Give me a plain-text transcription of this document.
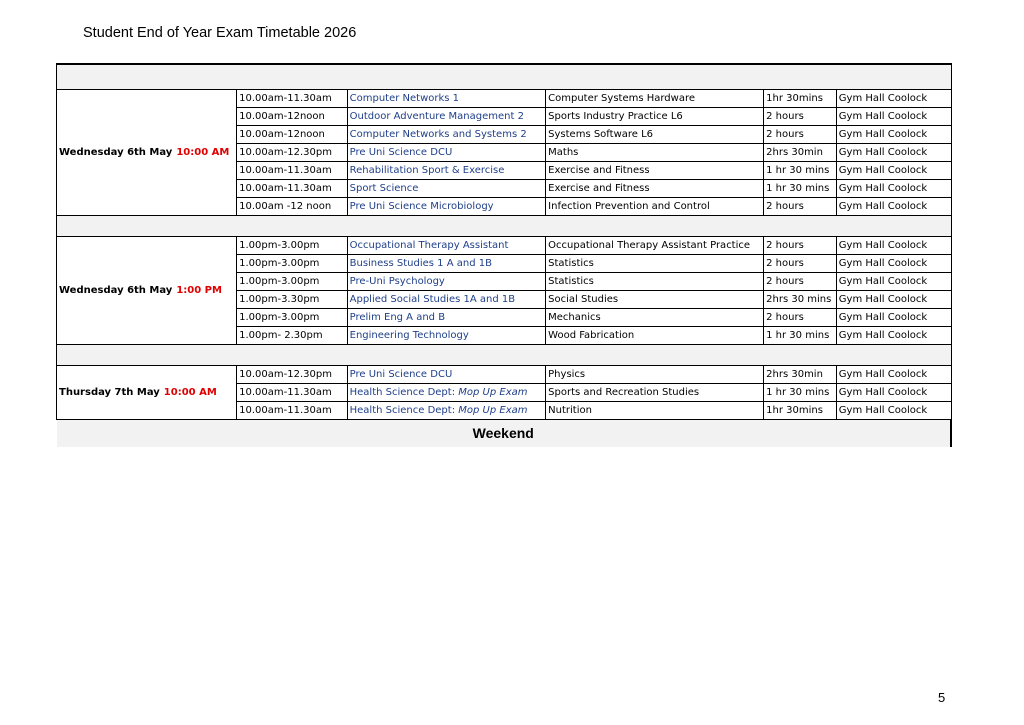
Student End of Year Exam Timetable 2026

Wednesday 6th May 10:00 AM	10.00am-11.30am	Computer Networks 1	Computer Systems Hardware	1hr 30mins	Gym Hall Coolock
	10.00am-12noon	Outdoor Adventure Management 2	Sports Industry Practice L6	2 hours	Gym Hall Coolock
	10.00am-12noon	Computer Networks and Systems 2	Systems Software L6	2 hours	Gym Hall Coolock
	10.00am-12.30pm	Pre Uni Science DCU	Maths	2hrs 30min	Gym Hall Coolock
	10.00am-11.30am	Rehabilitation Sport & Exercise	Exercise and Fitness	1 hr 30 mins	Gym Hall Coolock
	10.00am-11.30am	Sport Science	Exercise and Fitness	1 hr 30 mins	Gym Hall Coolock
	10.00am -12 noon	Pre Uni Science Microbiology	Infection Prevention and Control	2 hours	Gym Hall Coolock

Wednesday 6th May 1:00 PM	1.00pm-3.00pm	Occupational Therapy Assistant	Occupational Therapy Assistant Practice	2 hours	Gym Hall Coolock
	1.00pm-3.00pm	Business Studies 1 A and 1B	Statistics	2 hours	Gym Hall Coolock
	1.00pm-3.00pm	Pre-Uni Psychology	Statistics	2 hours	Gym Hall Coolock
	1.00pm-3.30pm	Applied Social Studies 1A and 1B	Social Studies	2hrs 30 mins	Gym Hall Coolock
	1.00pm-3.00pm	Prelim Eng A and B	Mechanics	2 hours	Gym Hall Coolock
	1.00pm- 2.30pm	Engineering Technology	Wood Fabrication	1 hr 30 mins	Gym Hall Coolock

Thursday 7th May 10:00 AM	10.00am-12.30pm	Pre Uni Science DCU	Physics	2hrs 30min	Gym Hall Coolock
	10.00am-11.30am	Health Science Dept: Mop Up Exam	Sports and Recreation Studies	1 hr 30 mins	Gym Hall Coolock
	10.00am-11.30am	Health Science Dept: Mop Up Exam	Nutrition	1hr 30mins	Gym Hall Coolock
Weekend					
5
